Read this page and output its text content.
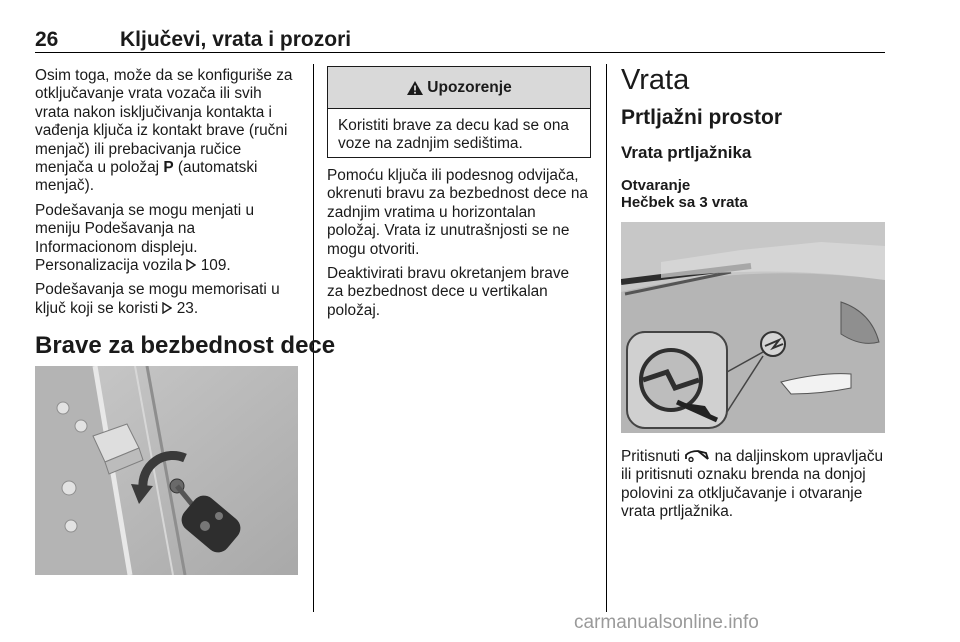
26	Ključevi, vrata i prozori

Osim toga, može da se konfiguriše za otključavanje vrata vozača ili svih vrata nakon isključivanja kontakta i vađenja ključa iz kontakt brave (ručni menjač) ili prebacivanja ručice menjača u položaj P (automatski menjač).

Podešavanja se mogu menjati u meniju Podešavanja na Informacionom displeju.
Personalizacija vozila  109.

Podešavanja se mogu memorisati u ključ koji se koristi  23.

Brave za bezbednost dece
Upozorenje
Koristiti brave za decu kad se ona voze na zadnjim sedištima.

Pomoću ključa ili podesnog odvijača, okrenuti bravu za bezbednost dece na zadnjim vratima u horizontalan položaj. Vrata iz unutrašnjosti se ne mogu otvoriti.

Deaktivirati bravu okretanjem brave za bezbednost dece u vertikalan položaj.

Vrata
Prtljažni prostor
Vrata prtljažnika
Otvaranje
Hečbek sa 3 vrata

Pritisnuti  na daljinskom upravljaču ili pritisnuti oznaku brenda na donjoj polovini za otključavanje i otvaranje vrata prtljažnika.

carmanualsonline.info
